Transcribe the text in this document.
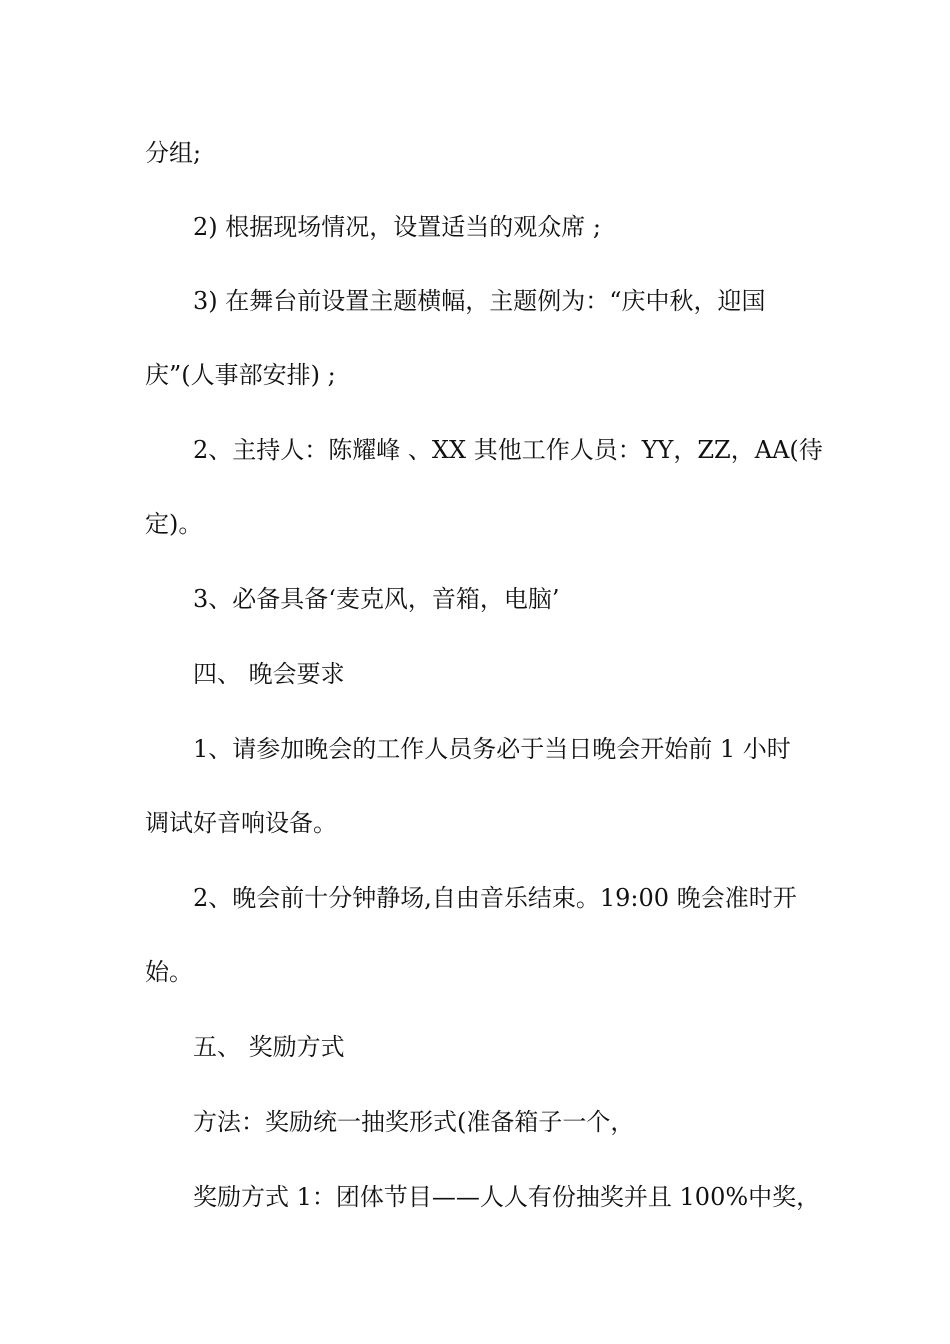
分组;
2) 根据现场情况，设置适当的观众席 ;
3) 在舞台前设置主题横幅，主题例为：“庆中秋，迎国
庆”(人事部安排) ;
2、主持人：陈耀峰 、XX 其他工作人员：YY，ZZ，AA(待
定)。
3、必备具备‘麦克风，音箱，电脑’
四、 晚会要求
1、请参加晚会的工作人员务必于当日晚会开始前 1 小时
调试好音响设备。
2、晚会前十分钟静场,自由音乐结束。19:00 晚会准时开
始。
五、 奖励方式
方法：奖励统一抽奖形式(准备箱子一个，
奖励方式 1：团体节目——人人有份抽奖并且 100%中奖，
